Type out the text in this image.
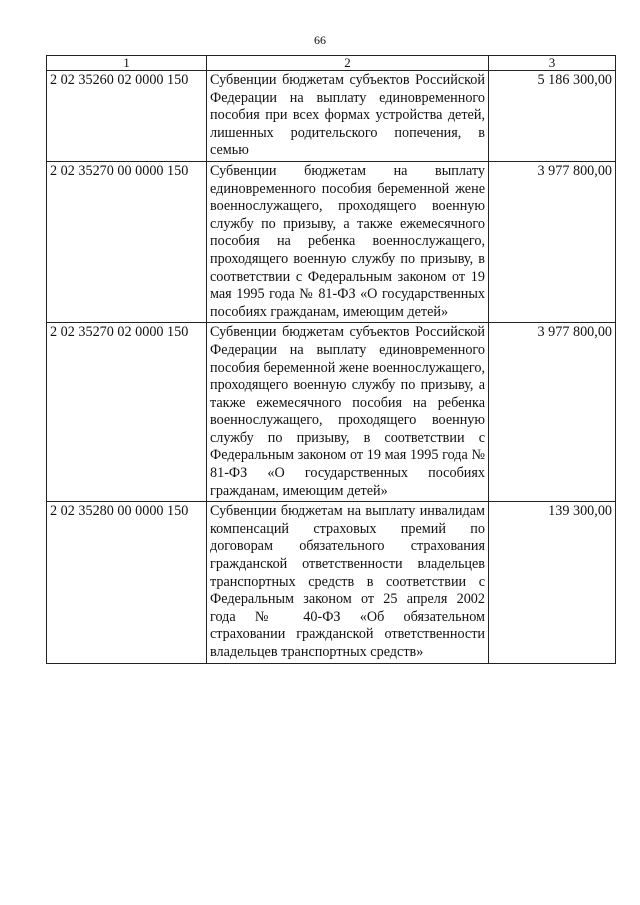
66
1	2	3
2 02 35260 02 0000 150	Субвенции бюджетам субъектов Российской Федерации на выплату единовременного пособия при всех формах устройства детей, лишенных родительского попечения, в семью	5 186 300,00
2 02 35270 00 0000 150	Субвенции бюджетам на выплату единовременного пособия беременной жене военнослужащего, проходящего военную службу по призыву, а также ежемесячного пособия на ребенка военнослужащего, проходящего военную службу по призыву, в соответствии с Федеральным законом от 19 мая 1995 года № 81-ФЗ «О государственных пособиях гражданам, имеющим детей»	3 977 800,00
2 02 35270 02 0000 150	Субвенции бюджетам субъектов Российской Федерации на выплату единовременного пособия беременной жене военнослужащего, проходящего военную службу по призыву, а также ежемесячного пособия на ребенка военнослужащего, проходящего военную службу по призыву, в соответствии с Федеральным законом от 19 мая 1995 года № 81-ФЗ «О государственных пособиях гражданам, имеющим детей»	3 977 800,00
2 02 35280 00 0000 150	Субвенции бюджетам на выплату инвалидам компенсаций страховых премий по договорам обязательного страхования гражданской ответственности владельцев транспортных средств в соответствии с Федеральным законом от 25 апреля 2002 года № 40-ФЗ «Об обязательном страховании гражданской ответственности владельцев транспортных средств»	139 300,00
